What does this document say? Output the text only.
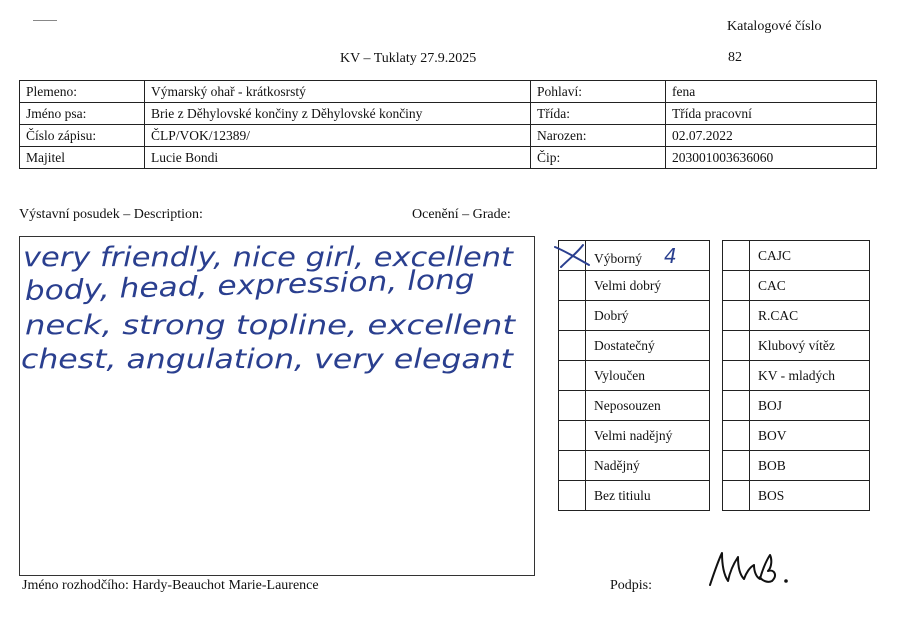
Katalogové číslo
82
KV – Tuklaty 27.9.2025
Plemeno:	Výmarský ohař - krátkosrstý	Pohlaví:	fena
Jméno psa:	Brie z Děhylovské končiny z Děhylovské končiny	Třída:	Třída pracovní
Číslo zápisu:	ČLP/VOK/12389/	Narozen:	02.07.2022
Majitel	Lucie Bondi	Čip:	203001003636060
Výstavní posudek – Description:	Ocenění – Grade:
very friendly, nice girl, excellent
body, head, expression, long
neck, strong topline, excellent
chest, angulation, very elegant
	Výborný 4
	Velmi dobrý
	Dobrý
	Dostatečný
	Vyloučen
	Neposouzen
	Velmi nadějný
	Nadějný
	Bez titiulu
	CAJC
	CAC
	R.CAC
	Klubový vítěz
	KV - mladých
	BOJ
	BOV
	BOB
	BOS
Jméno rozhodčího: Hardy-Beauchot Marie-Laurence	Podpis:
